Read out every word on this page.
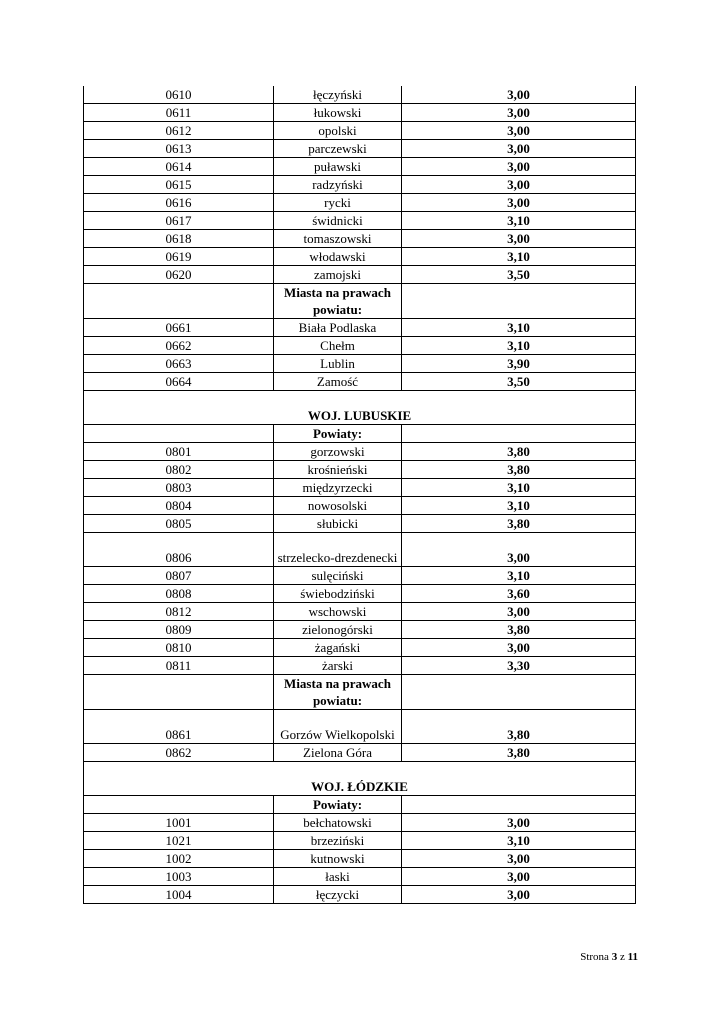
0610	łęczyński	3,00
0611	łukowski	3,00
0612	opolski	3,00
0613	parczewski	3,00
0614	puławski	3,00
0615	radzyński	3,00
0616	rycki	3,00
0617	świdnicki	3,10
0618	tomaszowski	3,00
0619	włodawski	3,10
0620	zamojski	3,50
	Miasta na prawach powiatu:	
0661	Biała Podlaska	3,10
0662	Chełm	3,10
0663	Lublin	3,90
0664	Zamość	3,50
WOJ. LUBUSKIE		
	Powiaty:	
0801	gorzowski	3,80
0802	krośnieński	3,80
0803	międzyrzecki	3,10
0804	nowosolski	3,10
0805	słubicki	3,80
0806	strzelecko-drezdenecki	3,00
0807	sulęciński	3,10
0808	świebodziński	3,60
0812	wschowski	3,00
0809	zielonogórski	3,80
0810	żagański	3,00
0811	żarski	3,30
	Miasta na prawach powiatu:	
0861	Gorzów Wielkopolski	3,80
0862	Zielona Góra	3,80
WOJ. ŁÓDZKIE		
	Powiaty:	
1001	bełchatowski	3,00
1021	brzeziński	3,10
1002	kutnowski	3,00
1003	łaski	3,00
1004	łęczycki	3,00
Strona 3 z 11
